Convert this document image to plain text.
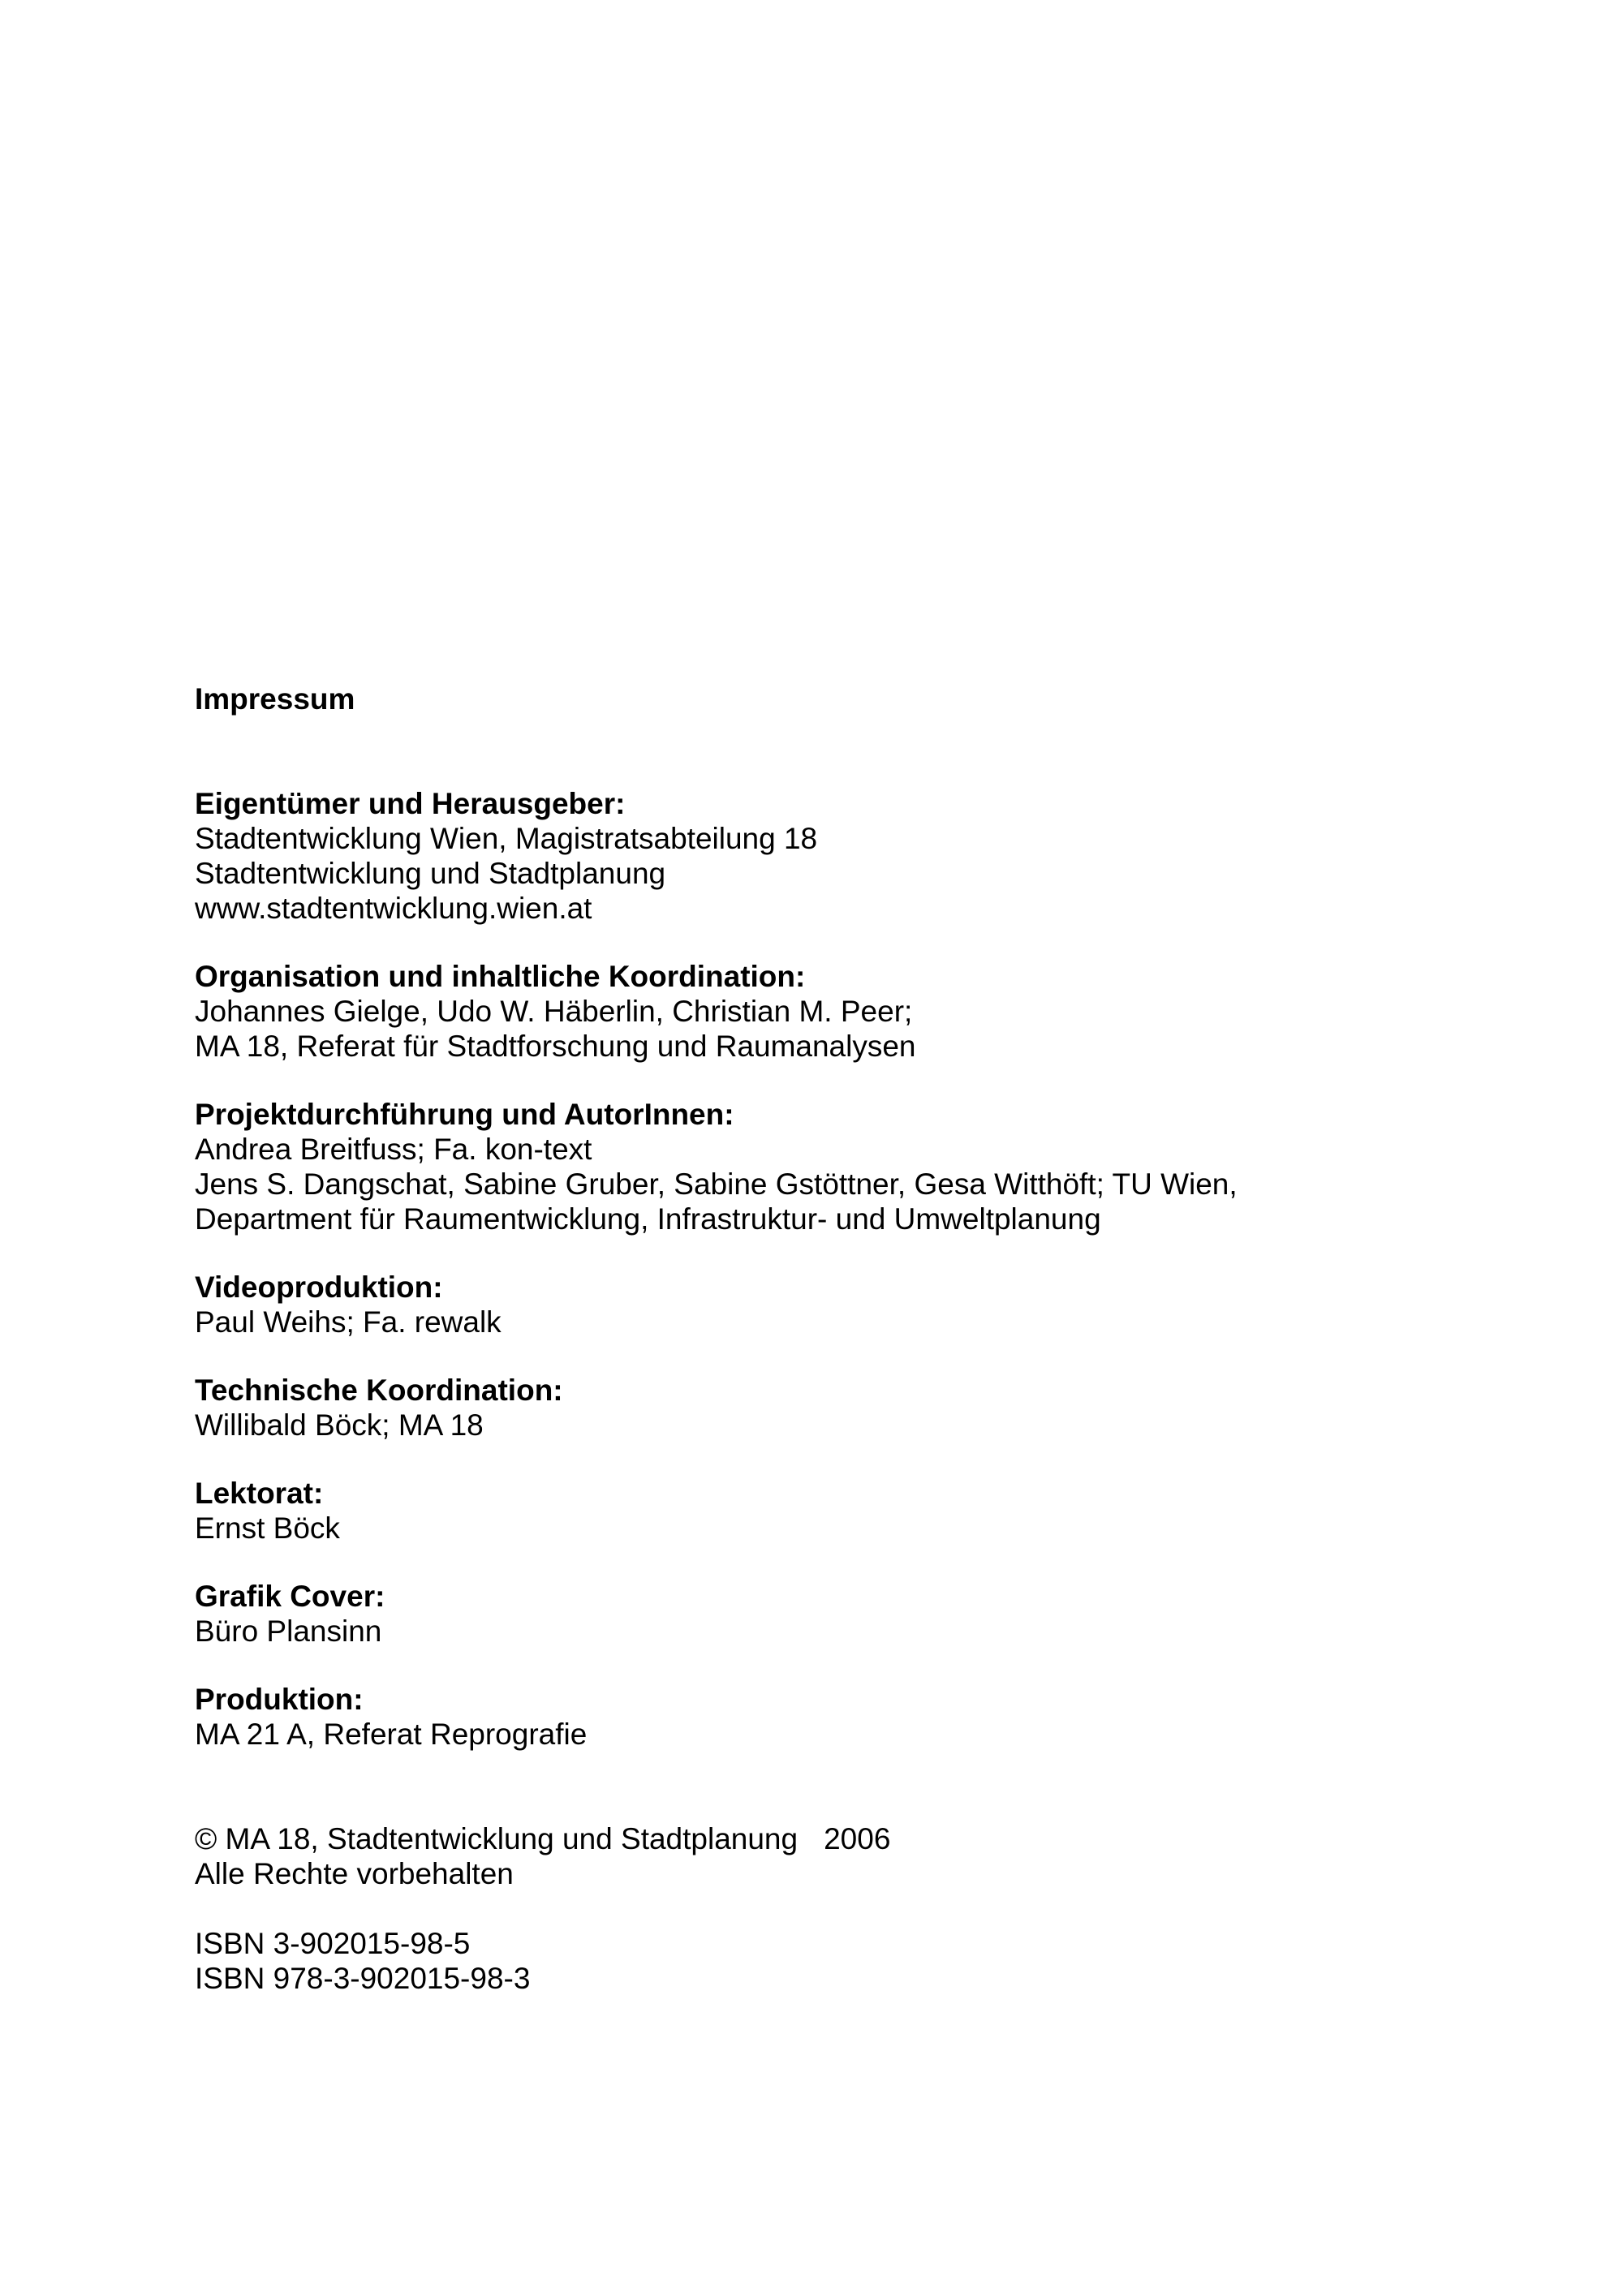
Impressum

Eigentümer und Herausgeber:

Stadtentwicklung Wien, Magistratsabteilung 18

Stadtentwicklung und Stadtplanung

www.stadtentwicklung.wien.at

Organisation und inhaltliche Koordination:

Johannes Gielge, Udo W. Häberlin, Christian M. Peer;

MA 18, Referat für Stadtforschung und Raumanalysen

Projektdurchführung und AutorInnen:

Andrea Breitfuss; Fa. kon-text

Jens S. Dangschat, Sabine Gruber, Sabine Gstöttner, Gesa Witthöft; TU Wien,

Department für Raumentwicklung, Infrastruktur- und Umweltplanung

Videoproduktion:

Paul Weihs; Fa. rewalk

Technische Koordination:

Willibald Böck; MA 18

Lektorat:

Ernst Böck

Grafik Cover:

Büro Plansinn

Produktion:

MA 21 A, Referat Reprografie

© MA 18, Stadtentwicklung und Stadtplanung 2006

Alle Rechte vorbehalten

ISBN 3-902015-98-5

ISBN 978-3-902015-98-3
